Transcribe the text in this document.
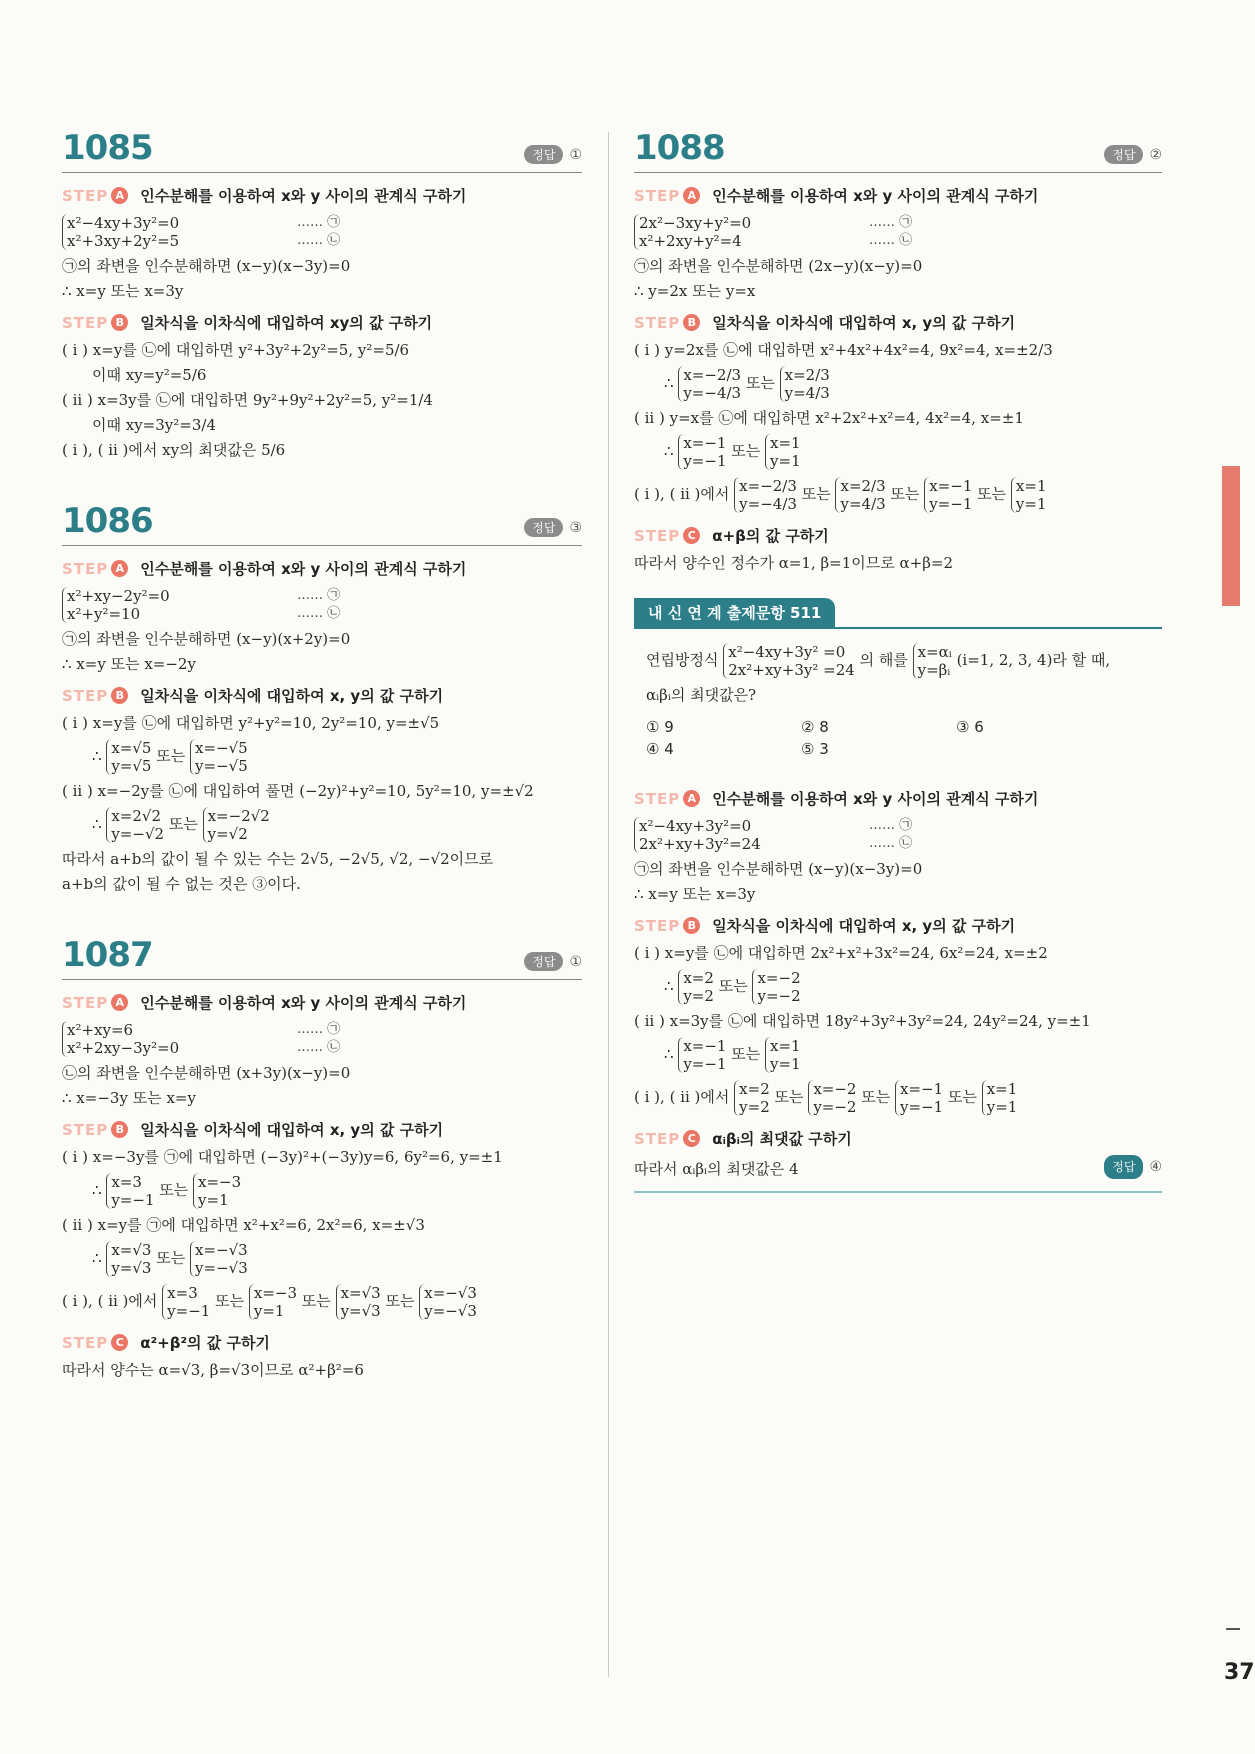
1085	정답	①
STEP A 인수분해를 이용하여 x와 y 사이의 관계식 구하기
x²−4xy+3y²=0
x²+3xy+2y²=5
…… ㉠
…… ㉡
㉠의 좌변을 인수분해하면 (x−y)(x−3y)=0
∴ x=y 또는 x=3y
STEP B 일차식을 이차식에 대입하여 xy의 값 구하기
( i ) x=y를 ㉡에 대입하면 y²+3y²+2y²=5, y²=5/6
이때 xy=y²=5/6
( ii ) x=3y를 ㉡에 대입하면 9y²+9y²+2y²=5, y²=1/4
이때 xy=3y²=3/4
( i ), ( ii )에서 xy의 최댓값은 5/6
1086	정답	③
STEP A 인수분해를 이용하여 x와 y 사이의 관계식 구하기
x²+xy−2y²=0
x²+y²=10
…… ㉠
…… ㉡
㉠의 좌변을 인수분해하면 (x−y)(x+2y)=0
∴ x=y 또는 x=−2y
STEP B 일차식을 이차식에 대입하여 x, y의 값 구하기
( i ) x=y를 ㉡에 대입하면 y²+y²=10, 2y²=10, y=±√5
∴ x=√5
y=√5
또는 x=−√5
y=−√5
( ii ) x=−2y를 ㉡에 대입하여 풀면 (−2y)²+y²=10, 5y²=10, y=±√2
∴ x=2√2
y=−√2
또는 x=−2√2
y=√2
따라서 a+b의 값이 될 수 있는 수는 2√5, −2√5, √2, −√2이므로
a+b의 값이 될 수 없는 것은 ③이다.
1087	정답	①
STEP A 인수분해를 이용하여 x와 y 사이의 관계식 구하기
x²+xy=6
x²+2xy−3y²=0
…… ㉠
…… ㉡
㉡의 좌변을 인수분해하면 (x+3y)(x−y)=0
∴ x=−3y 또는 x=y
STEP B 일차식을 이차식에 대입하여 x, y의 값 구하기
( i ) x=−3y를 ㉠에 대입하면 (−3y)²+(−3y)y=6, 6y²=6, y=±1
∴ x=3
y=−1
또는 x=−3
y=1
( ii ) x=y를 ㉠에 대입하면 x²+x²=6, 2x²=6, x=±√3
∴ x=√3
y=√3
또는 x=−√3
y=−√3
( i ), ( ii )에서 x=3
y=−1
또는 x=−3
y=1
또는 x=√3
y=√3
또는 x=−√3
y=−√3
STEP C α²+β²의 값 구하기
따라서 양수는 α=√3, β=√3이므로 α²+β²=6
1088	정답	②
STEP A 인수분해를 이용하여 x와 y 사이의 관계식 구하기
2x²−3xy+y²=0
x²+2xy+y²=4
…… ㉠
…… ㉡
㉠의 좌변을 인수분해하면 (2x−y)(x−y)=0
∴ y=2x 또는 y=x
STEP B 일차식을 이차식에 대입하여 x, y의 값 구하기
( i ) y=2x를 ㉡에 대입하면 x²+4x²+4x²=4, 9x²=4, x=±2/3
∴ x=−2/3
y=−4/3
또는 x=2/3
y=4/3
( ii ) y=x를 ㉡에 대입하면 x²+2x²+x²=4, 4x²=4, x=±1
∴ x=−1
y=−1
또는 x=1
y=1
( i ), ( ii )에서 x=−2/3
y=−4/3
또는 x=2/3
y=4/3
또는 x=−1
y=−1
또는 x=1
y=1
STEP C α+β의 값 구하기
따라서 양수인 정수가 α=1, β=1이므로 α+β=2
내 신 연 계 출제문항 511
연립방정식 x²−4xy+3y² =0
2x²+xy+3y² =24
의 해를 x=αᵢ
y=βᵢ
(i=1, 2, 3, 4)라 할 때,
αᵢβᵢ의 최댓값은?
① 9	② 8	③ 6
④ 4	⑤ 3
STEP A 인수분해를 이용하여 x와 y 사이의 관계식 구하기
x²−4xy+3y²=0
2x²+xy+3y²=24
…… ㉠
…… ㉡
㉠의 좌변을 인수분해하면 (x−y)(x−3y)=0
∴ x=y 또는 x=3y
STEP B 일차식을 이차식에 대입하여 x, y의 값 구하기
( i ) x=y를 ㉡에 대입하면 2x²+x²+3x²=24, 6x²=24, x=±2
∴ x=2
y=2
또는 x=−2
y=−2
( ii ) x=3y를 ㉡에 대입하면 18y²+3y²+3y²=24, 24y²=24, y=±1
∴ x=−1
y=−1
또는 x=1
y=1
( i ), ( ii )에서 x=2
y=2
또는 x=−2
y=−2
또는 x=−1
y=−1
또는 x=1
y=1
STEP C αᵢβᵢ의 최댓값 구하기
따라서 αᵢβᵢ의 최댓값은 4	정답	④
37
